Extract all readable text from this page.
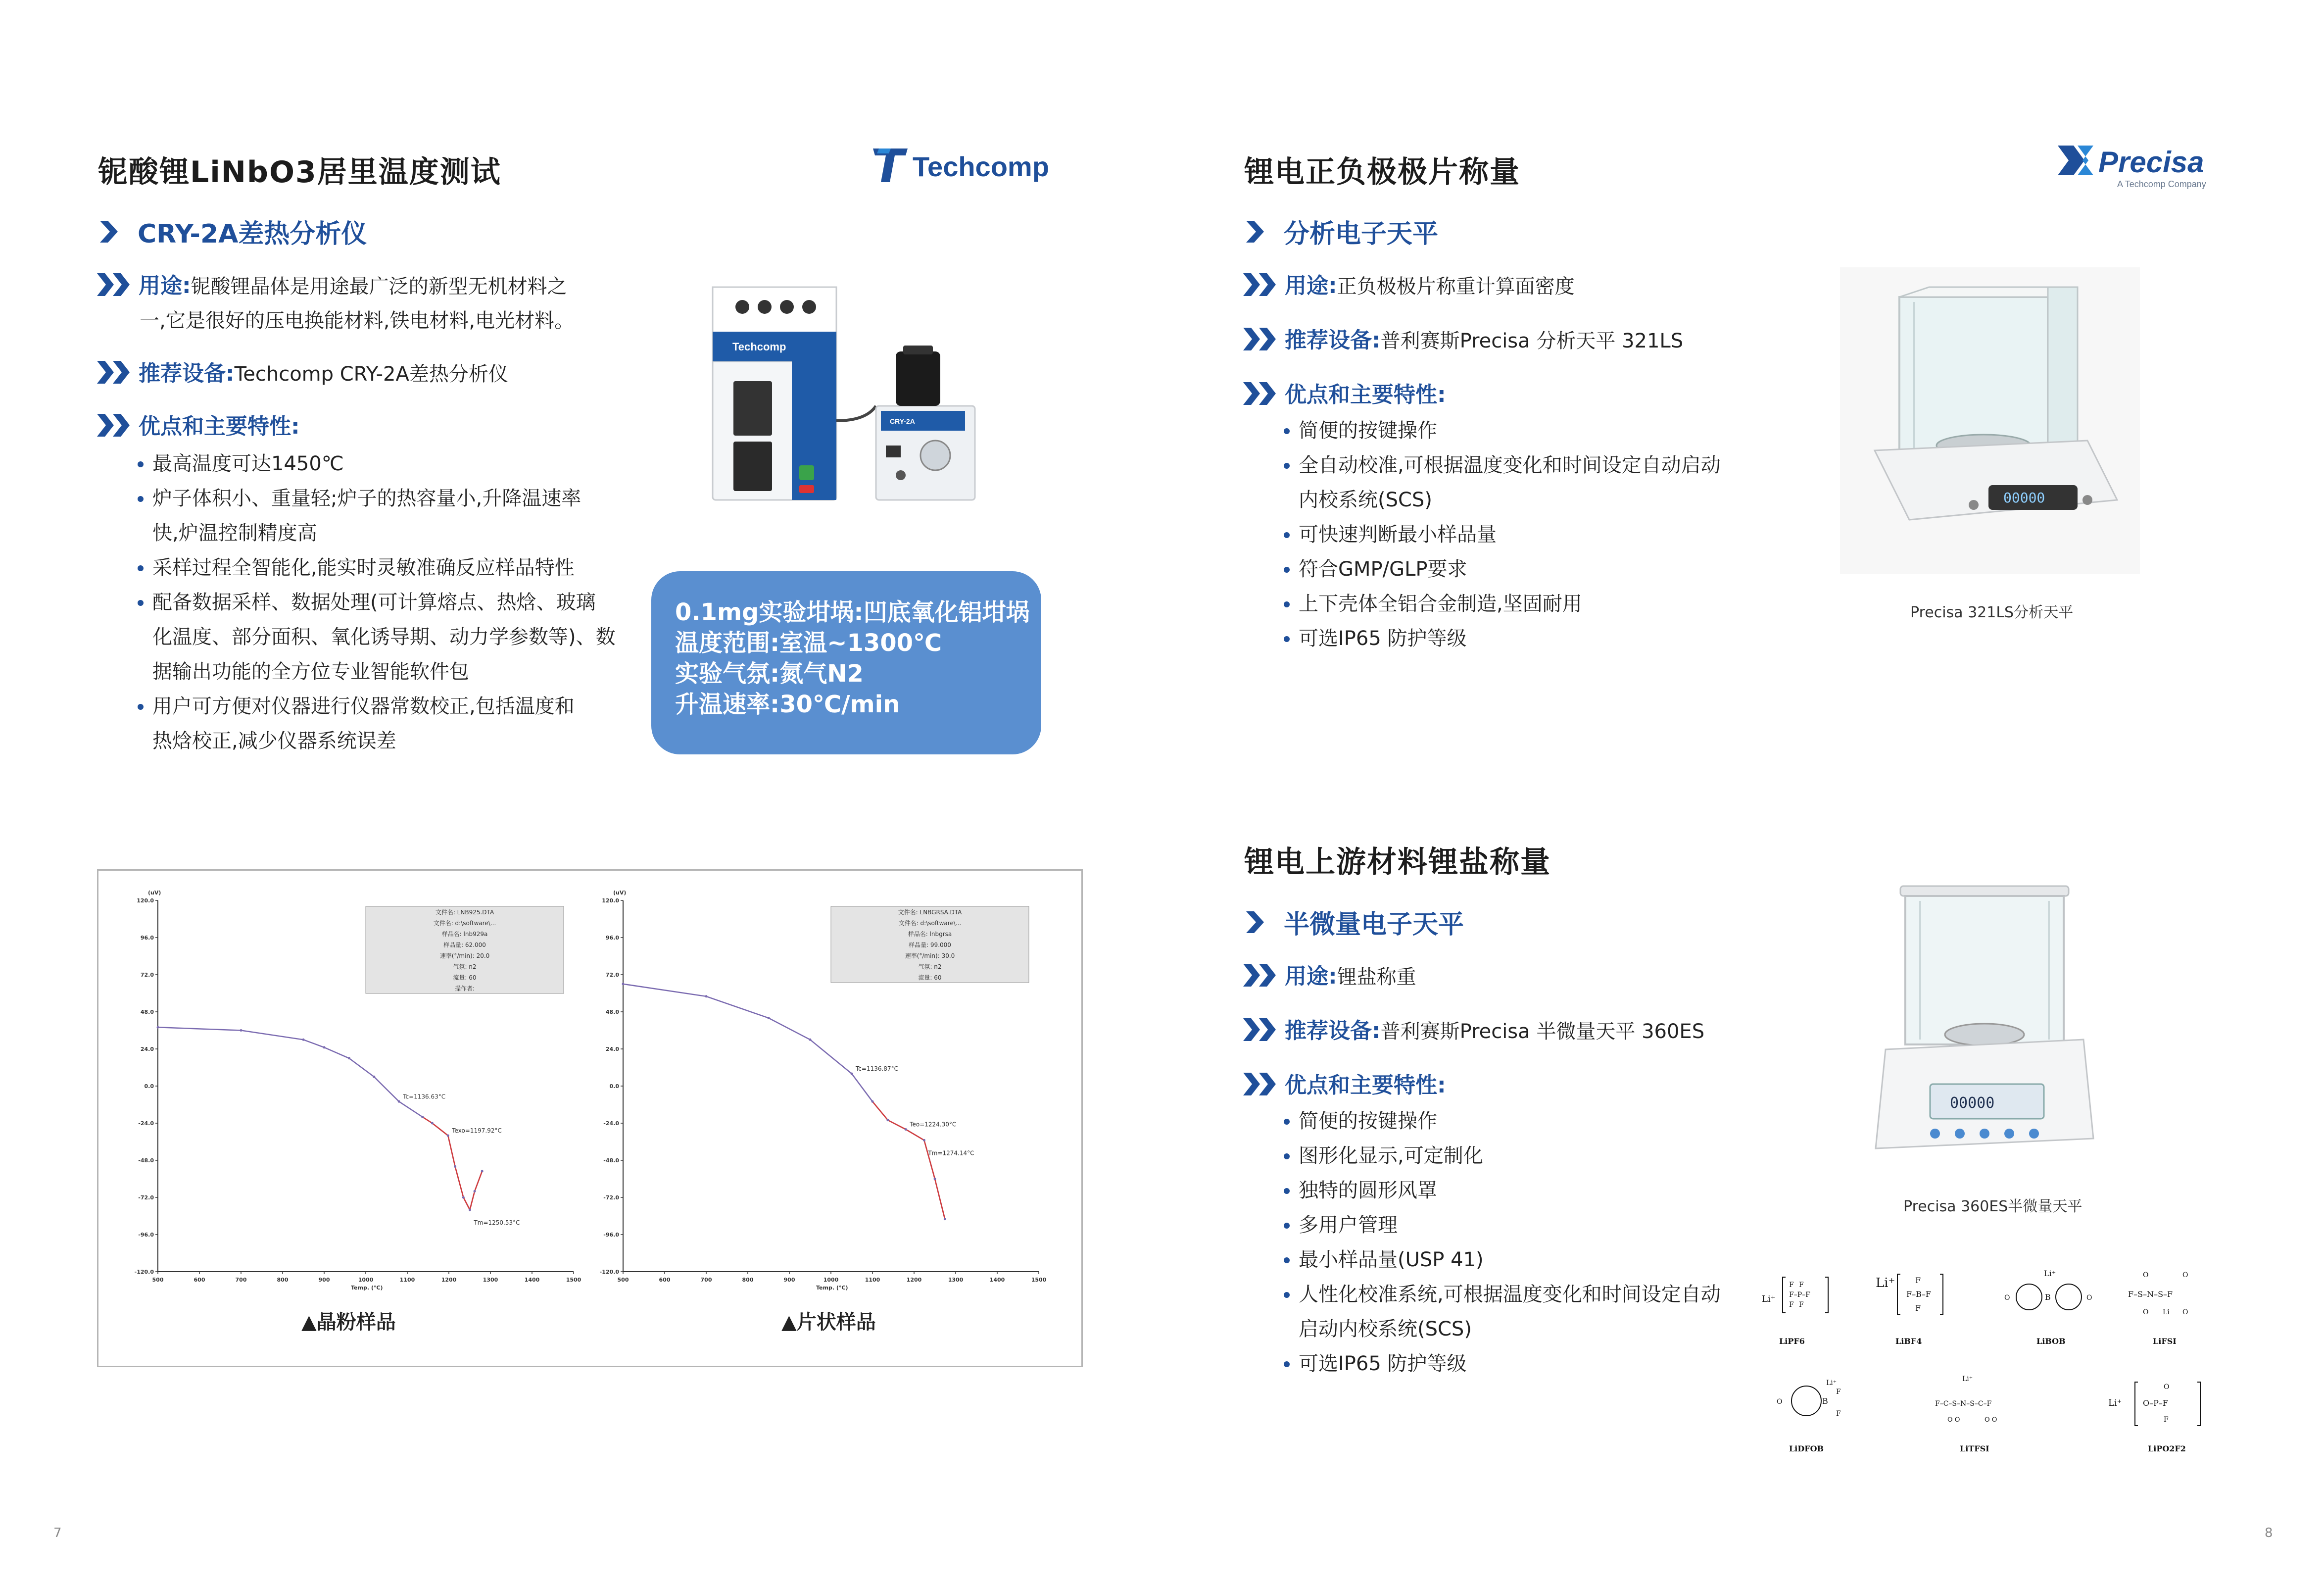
铌酸锂LiNbO3居里温度测试	Techcomp
CRY-2A差热分析仪
用途:铌酸锂晶体是用途最广泛的新型无机材料之
一,它是很好的压电换能材料,铁电材料,电光材料。
推荐设备:Techcomp CRY-2A差热分析仪
优点和主要特性:
最高温度可达1450℃
炉子体积小、重量轻;炉子的热容量小,升降温速率
快,炉温控制精度高
采样过程全智能化,能实时灵敏准确反应样品特性
配备数据采样、数据处理(可计算熔点、热焓、玻璃
化温度、部分面积、氧化诱导期、动力学参数等)、数
据输出功能的全方位专业智能软件包
用户可方便对仪器进行仪器常数校正,包括温度和
热焓校正,减少仪器系统误差
Techcomp
CRY-2A
0.1mg实验坩埚:凹底氧化铝坩埚
温度范围:室温~1300℃
实验气氛:氮气N2
升温速率:30℃/min
(uV)
120.0
96.0
72.0
48.0
24.0
0.0
-24.0
-48.0
-72.0
-96.0
-120.0
500	600	700	800	900	1000	1100	1200	1300	1400	1500
Temp. (°C)
文件名: LNB925.DTA
文件名: d:\software\...
样品名: lnb929a
样品量: 62.000
速率(°/min): 20.0
气氛: n2
流量: 60
操作者:
Tc=1136.63°C
Texo=1197.92°C
Tm=1250.53°C
(uV)
120.0
96.0
72.0
48.0
24.0
0.0
-24.0
-48.0
-72.0
-96.0
-120.0
500	600	700	800	900	1000	1100	1200	1300	1400	1500
Temp. (°C)
文件名: LNBGRSA.DTA
文件名: d:\software\...
样品名: lnbgrsa
样品量: 99.000
速率(°/min): 30.0
气氛: n2
流量: 60
Tc=1136.87°C
Teo=1224.30°C
Tm=1274.14°C
▲晶粉样品	▲片状样品
7
锂电正负极极片称量	Precisa
A Techcomp Company
分析电子天平
用途:正负极极片称重计算面密度
推荐设备:普利赛斯Precisa 分析天平 321LS
优点和主要特性:
简便的按键操作
全自动校准,可根据温度变化和时间设定自动启动
内校系统(SCS)
可快速判断最小样品量
符合GMP/GLP要求
上下壳体全铝合金制造,坚固耐用
可选IP65 防护等级
00000
Precisa 321LS分析天平
锂电上游材料锂盐称量
半微量电子天平
用途:锂盐称重
推荐设备:普利赛斯Precisa 半微量天平 360ES
优点和主要特性:
简便的按键操作
图形化显示,可定制化
独特的圆形风罩
多用户管理
最小样品量(USP 41)
人性化校准系统,可根据温度变化和时间设定自动
启动内校系统(SCS)
可选IP65 防护等级
00000
Precisa 360ES半微量天平
Li⁺
F F
F–P–F
F F
LiPF6
Li⁺	F
F–B–F
F
LiBF4
Li⁺
B
O	O
LiBOB
O	O
F–S–N–S–F
O Li O
LiFSI
Li⁺
B
F
F
O
LiDFOB
Li⁺
F–C–S–N–S–C–F
O O	O O
LiTFSI
Li⁺
O
O–P–F
F
LiPO2F2
8
